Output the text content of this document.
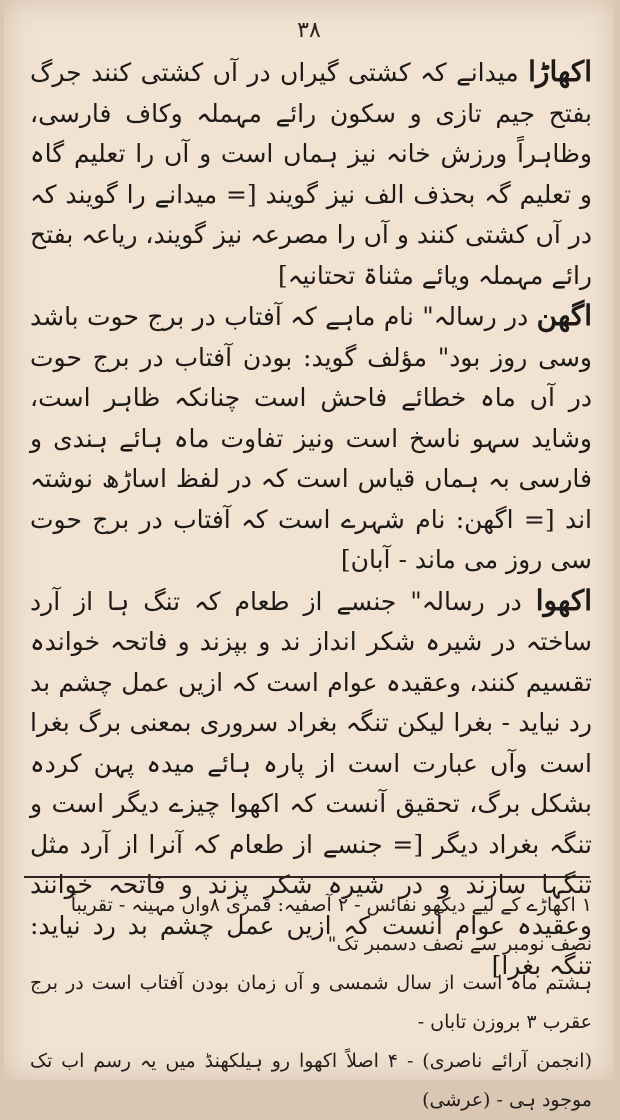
۳۸

اکھاڑا میدانے کہ کشتی گیراں در آں کشتی کنند جرگ بفتح جیم تازی و سکون رائے مہملہ وکاف فارسی، وظاہراً ورزش خانہ نیز ہماں است و آں را تعلیم گاہ و تعلیم گہ بحذف الف نیز گویند [= میدانے را گویند کہ در آں کشتی کنند و آں را مصرعہ نیز گویند، ریاعہ بفتح رائے مہملہ ویائے مثناۃ تحتانیہ]

اگھن در رسالہ" نام ماہے کہ آفتاب در برج حوت باشد وسی روز بود" مؤلف گوید: بودن آفتاب در برج حوت در آں ماہ خطائے فاحش است چنانکہ ظاہر است، وشاید سہو ناسخ است ونیز تفاوت ماہ ہائے ہندی و فارسی بہ ہماں قیاس است کہ در لفظ اساڑھ نوشتہ اند [= اگھن: نام شہرے است کہ آفتاب در برج حوت سی روز می ماند - آبان]

اکھوا در رسالہ" جنسے از طعام کہ تنگ ہا از آرد ساختہ در شیرہ شکر انداز ند و بپزند و فاتحہ خواندہ تقسیم کنند، وعقیدہ عوام است کہ ازیں عمل چشم بد رد نیاید - بغرا لیکن تنگہ بغراد سروری بمعنی برگ بغرا است وآں عبارت است از پارہ ہائے میدہ پہن کردہ بشکل برگ، تحقیق آنست کہ اکھوا چیزے دیگر است و تنگہ بغراد دیگر [= جنسے از طعام کہ آنرا از آرد مثل تنگہا سازند و در شیرہ شکر پزند و فاتحہ خوانند وعقیدہ عوام آنست کہ ازیں عمل چشم بد رد نیاید: تنگہ بغرا]

۱ اکھاڑے کے لیے دیکھو نفائس - ۲ آصفیہ: قمری ۸واں مہینہ - تقریباً

نصف نومبر سے نصف دسمبر تک"

ہشتم ماہ است از سال شمسی و آں زمان بودن آفتاب است در برج عقرب ۳ بروزن تاباں -

(انجمن آرائے ناصری) - ۴ اصلاً اکھوا رو ہیلکھنڈ میں یہ رسم اب تک موجود ہی - (عرشی)
